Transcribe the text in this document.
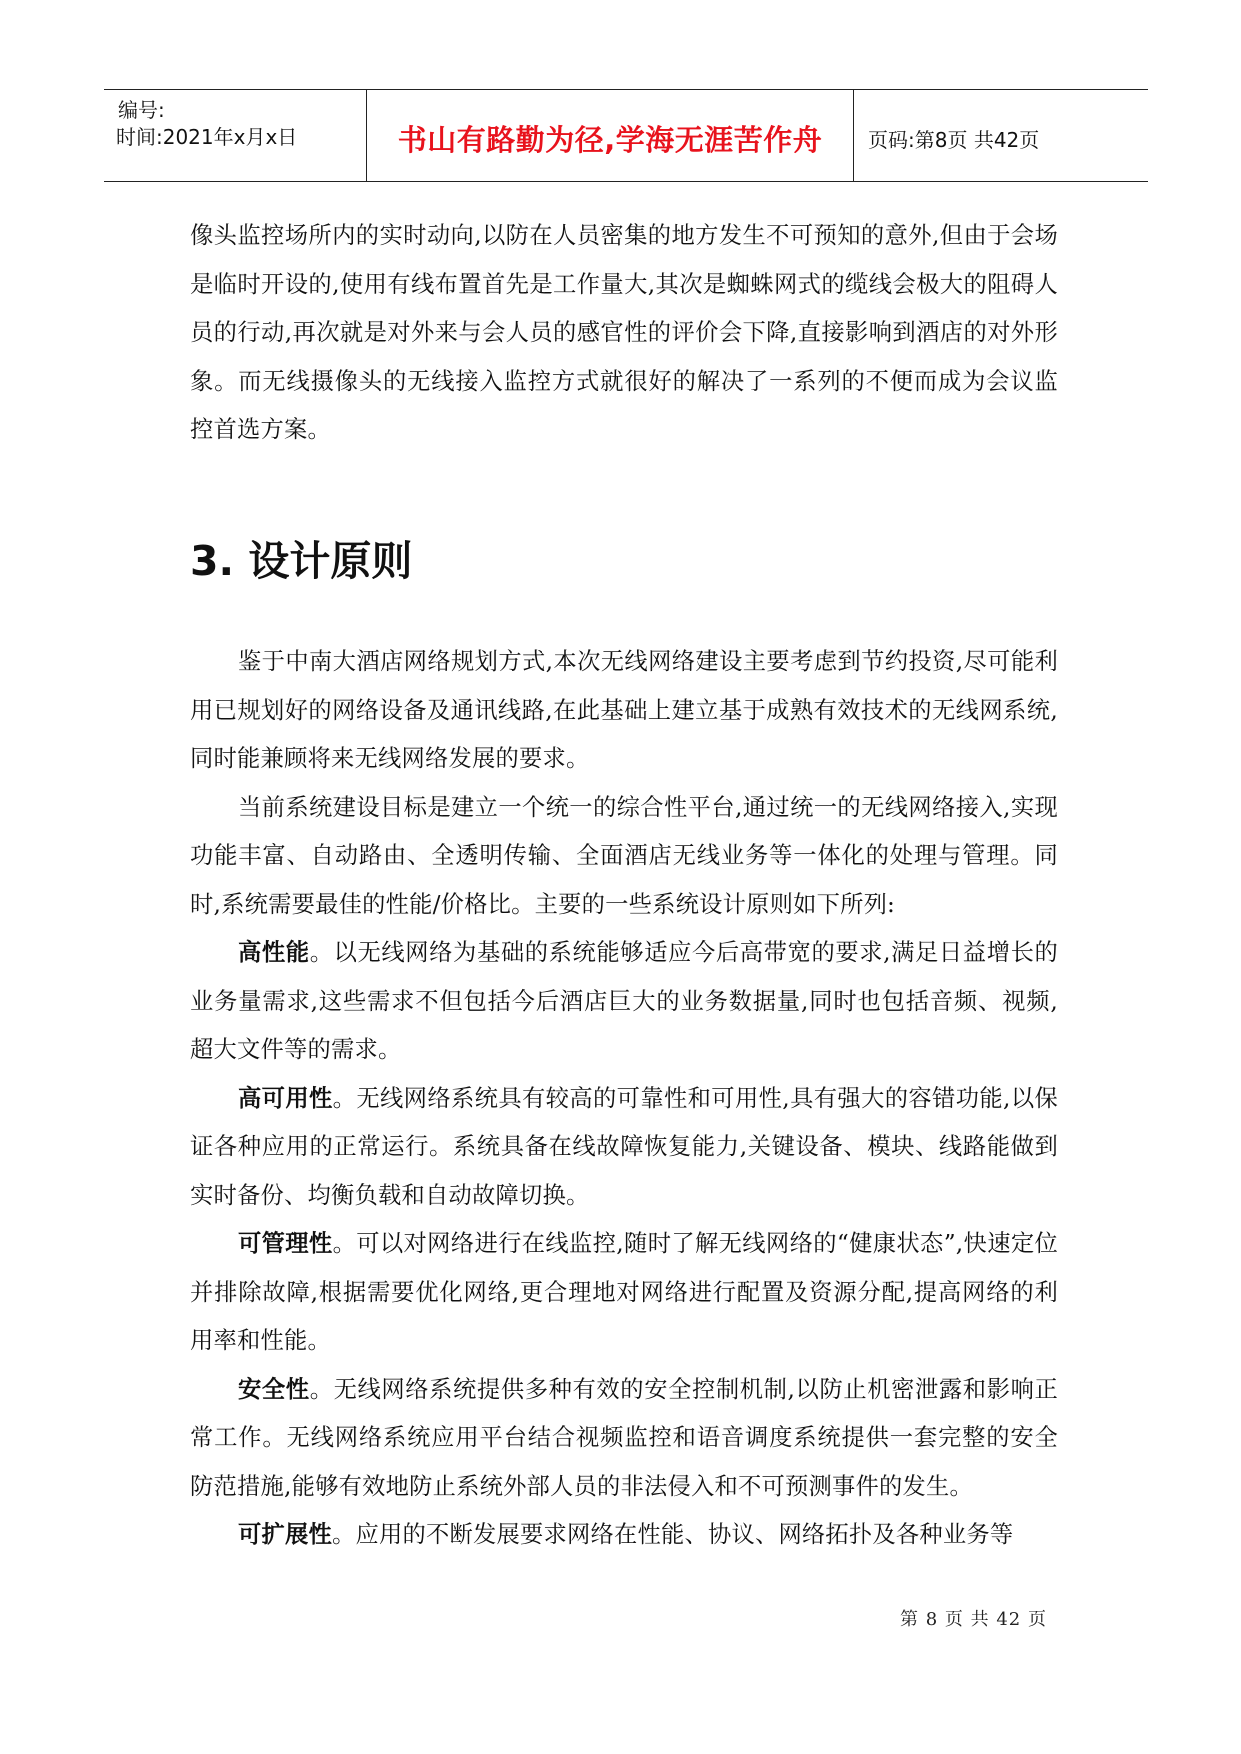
编号:
时间:2021年x月x日	书山有路勤为径,学海无涯苦作舟	页码:第8页 共42页

像头监控场所内的实时动向,以防在人员密集的地方发生不可预知的意外,但由于会场是临时开设的,使用有线布置首先是工作量大,其次是蜘蛛网式的缆线会极大的阻碍人员的行动,再次就是对外来与会人员的感官性的评价会下降,直接影响到酒店的对外形象。而无线摄像头的无线接入监控方式就很好的解决了一系列的不便而成为会议监控首选方案。

3. 设计原则

鉴于中南大酒店网络规划方式,本次无线网络建设主要考虑到节约投资,尽可能利用已规划好的网络设备及通讯线路,在此基础上建立基于成熟有效技术的无线网系统,同时能兼顾将来无线网络发展的要求。

当前系统建设目标是建立一个统一的综合性平台,通过统一的无线网络接入,实现功能丰富、自动路由、全透明传输、全面酒店无线业务等一体化的处理与管理。同时,系统需要最佳的性能/价格比。主要的一些系统设计原则如下所列:

高性能。以无线网络为基础的系统能够适应今后高带宽的要求,满足日益增长的业务量需求,这些需求不但包括今后酒店巨大的业务数据量,同时也包括音频、视频,超大文件等的需求。

高可用性。无线网络系统具有较高的可靠性和可用性,具有强大的容错功能,以保证各种应用的正常运行。系统具备在线故障恢复能力,关键设备、模块、线路能做到实时备份、均衡负载和自动故障切换。

可管理性。可以对网络进行在线监控,随时了解无线网络的“健康状态”,快速定位并排除故障,根据需要优化网络,更合理地对网络进行配置及资源分配,提高网络的利用率和性能。

安全性。无线网络系统提供多种有效的安全控制机制,以防止机密泄露和影响正常工作。无线网络系统应用平台结合视频监控和语音调度系统提供一套完整的安全防范措施,能够有效地防止系统外部人员的非法侵入和不可预测事件的发生。

可扩展性。应用的不断发展要求网络在性能、协议、网络拓扑及各种业务等

第 8 页 共 42 页
